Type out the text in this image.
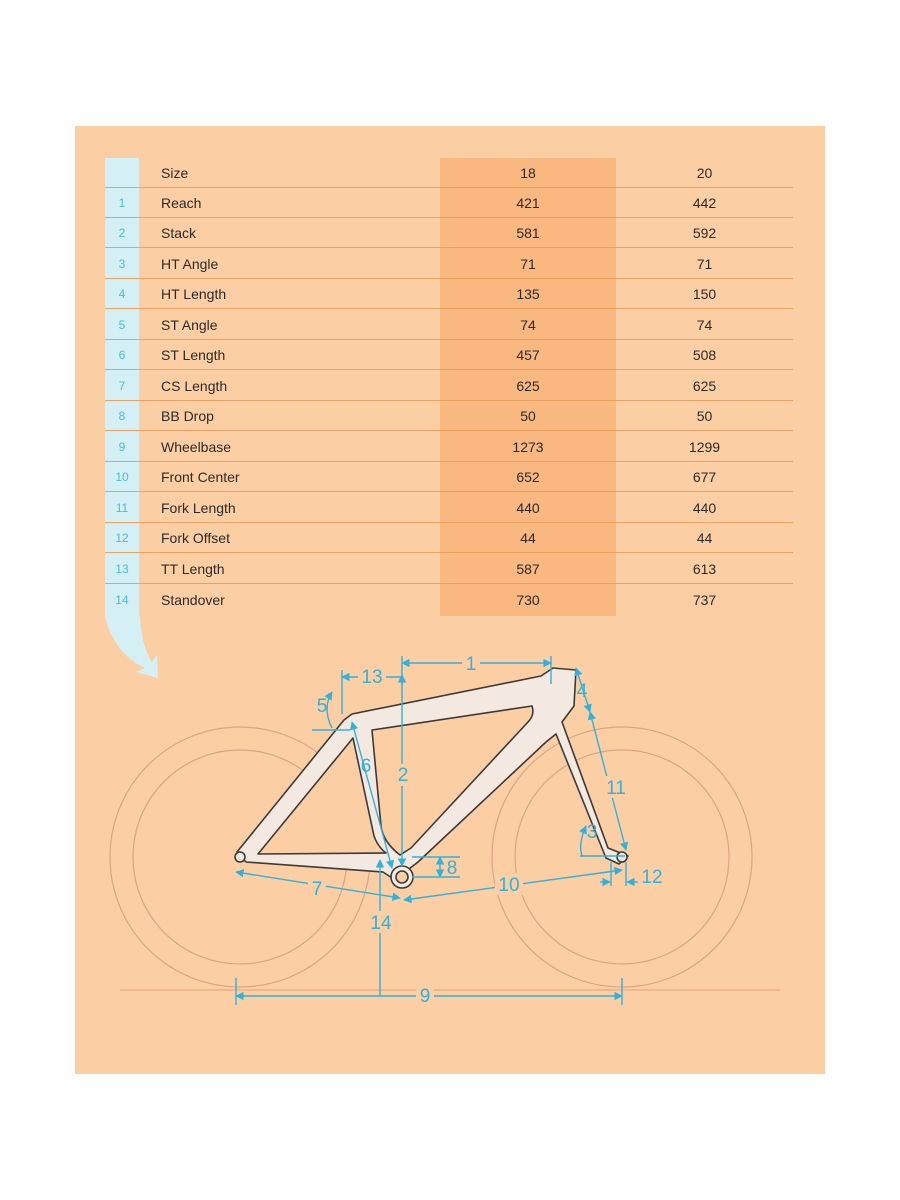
Size	18	20
1	Reach	421	442
2	Stack	581	592
3	HT Angle	71	71
4	HT Length	135	150
5	ST Angle	74	74
6	ST Length	457	508
7	CS Length	625	625
8	BB Drop	50	50
9	Wheelbase	1273	1299
10	Front Center	652	677
11	Fork Length	440	440
12	Fork Offset	44	44
13	TT Length	587	613
14	Standover	730	737
1
2
3
4
5
6
7
8
9
10
11
12
13
14
